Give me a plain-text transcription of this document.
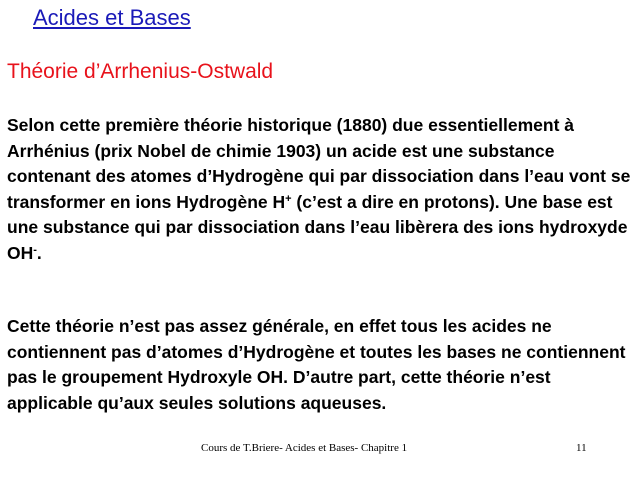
Acides et Bases
Théorie d’Arrhenius-Ostwald

Selon cette première théorie historique (1880) due essentiellement à Arrhénius (prix Nobel de chimie 1903) un acide est une substance contenant des atomes d’Hydrogène qui par dissociation dans l’eau vont se transformer en ions Hydrogène H+ (c’est a dire en protons). Une base est une substance qui par dissociation dans l’eau libèrera des ions hydroxyde OH-.

Cette théorie n’est pas assez générale, en effet tous les acides ne contiennent pas d’atomes d’Hydrogène et toutes les bases ne contiennent pas le groupement Hydroxyle OH. D’autre part, cette théorie n’est applicable qu’aux seules solutions aqueuses.

Cours de T.Briere- Acides et Bases- Chapitre 1	11
